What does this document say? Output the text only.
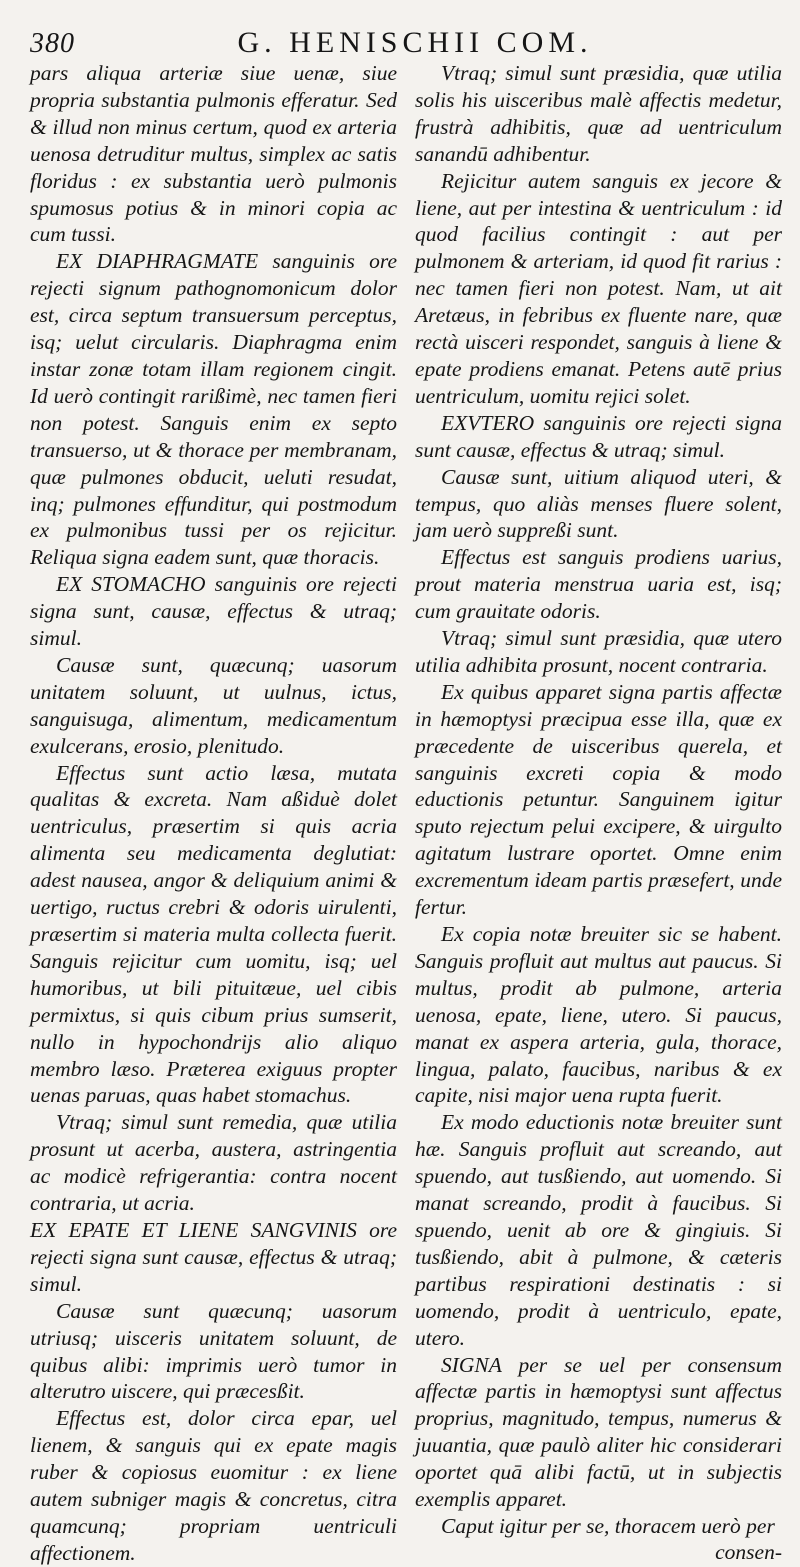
380	G. HENISCHII COM.

pars aliqua arteriæ siue uenæ, siue propria substantia pulmonis efferatur. Sed & illud non minus certum, quod ex arteria uenosa detruditur multus, simplex ac satis floridus : ex substantia uerò pulmonis spumosus potius & in minori copia ac cum tussi.

EX DIAPHRAGMATE sanguinis ore rejecti signum pathognomonicum dolor est, circa septum transuersum perceptus, isq; uelut circularis. Diaphragma enim instar zonæ totam illam regionem cingit. Id uerò contingit rarißimè, nec tamen fieri non potest. Sanguis enim ex septo transuerso, ut & thorace per membranam, quæ pulmones obducit, ueluti resudat, inq; pulmones effunditur, qui postmodum ex pulmonibus tussi per os rejicitur. Reliqua signa eadem sunt, quæ thoracis.

EX STOMACHO sanguinis ore rejecti signa sunt, causæ, effectus & utraq; simul.

Causæ sunt, quæcunq; uasorum unitatem soluunt, ut uulnus, ictus, sanguisuga, alimentum, medicamentum exulcerans, erosio, plenitudo.

Effectus sunt actio læsa, mutata qualitas & excreta. Nam aßiduè dolet uentriculus, præsertim si quis acria alimenta seu medicamenta deglutiat: adest nausea, angor & deliquium animi & uertigo, ructus crebri & odoris uirulenti, præsertim si materia multa collecta fuerit. Sanguis rejicitur cum uomitu, isq; uel humoribus, ut bili pituitæue, uel cibis permixtus, si quis cibum prius sumserit, nullo in hypochondrijs alio aliquo membro læso. Præterea exiguus propter uenas paruas, quas habet stomachus.

Vtraq; simul sunt remedia, quæ utilia prosunt ut acerba, austera, astringentia ac modicè refrigerantia: contra nocent contraria, ut acria.

EX EPATE ET LIENE SANGVINIS ore rejecti signa sunt causæ, effectus & utraq; simul.

Causæ sunt quæcunq; uasorum utriusq; uisceris unitatem soluunt, de quibus alibi: imprimis uerò tumor in alterutro uiscere, qui præcesßit.

Effectus est, dolor circa epar, uel lienem, & sanguis qui ex epate magis ruber & copiosus euomitur : ex liene autem subniger magis & concretus, citra quamcunq; propriam uentriculi affectionem.

Vtraq; simul sunt præsidia, quæ utilia solis his uisceribus malè affectis medetur, frustrà adhibitis, quæ ad uentriculum sanandū adhibentur.

Rejicitur autem sanguis ex jecore & liene, aut per intestina & uentriculum : id quod facilius contingit : aut per pulmonem & arteriam, id quod fit rarius : nec tamen fieri non potest. Nam, ut ait Aretæus, in febribus ex fluente nare, quæ rectà uisceri respondet, sanguis à liene & epate prodiens emanat. Petens autē prius uentriculum, uomitu rejici solet.

EXVTERO sanguinis ore rejecti signa sunt causæ, effectus & utraq; simul.

Causæ sunt, uitium aliquod uteri, & tempus, quo aliàs menses fluere solent, jam uerò suppreßi sunt.

Effectus est sanguis prodiens uarius, prout materia menstrua uaria est, isq; cum grauitate odoris.

Vtraq; simul sunt præsidia, quæ utero utilia adhibita prosunt, nocent contraria.

Ex quibus apparet signa partis affectæ in hæmoptysi præcipua esse illa, quæ ex præcedente de uisceribus querela, et sanguinis excreti copia & modo eductionis petuntur. Sanguinem igitur sputo rejectum pelui excipere, & uirgulto agitatum lustrare oportet. Omne enim excrementum ideam partis præsefert, unde fertur.

Ex copia notæ breuiter sic se habent. Sanguis profluit aut multus aut paucus. Si multus, prodit ab pulmone, arteria uenosa, epate, liene, utero. Si paucus, manat ex aspera arteria, gula, thorace, lingua, palato, faucibus, naribus & ex capite, nisi major uena rupta fuerit.

Ex modo eductionis notæ breuiter sunt hæ. Sanguis profluit aut screando, aut spuendo, aut tusßiendo, aut uomendo. Si manat screando, prodit à faucibus. Si spuendo, uenit ab ore & gingiuis. Si tusßiendo, abit à pulmone, & cæteris partibus respirationi destinatis : si uomendo, prodit à uentriculo, epate, utero.

SIGNA per se uel per consensum affectæ partis in hæmoptysi sunt affectus proprius, magnitudo, tempus, numerus & juuantia, quæ paulò aliter hic considerari oportet quā alibi factū, ut in subjectis exemplis apparet.

Caput igitur per se, thoracem uerò per

consen-
